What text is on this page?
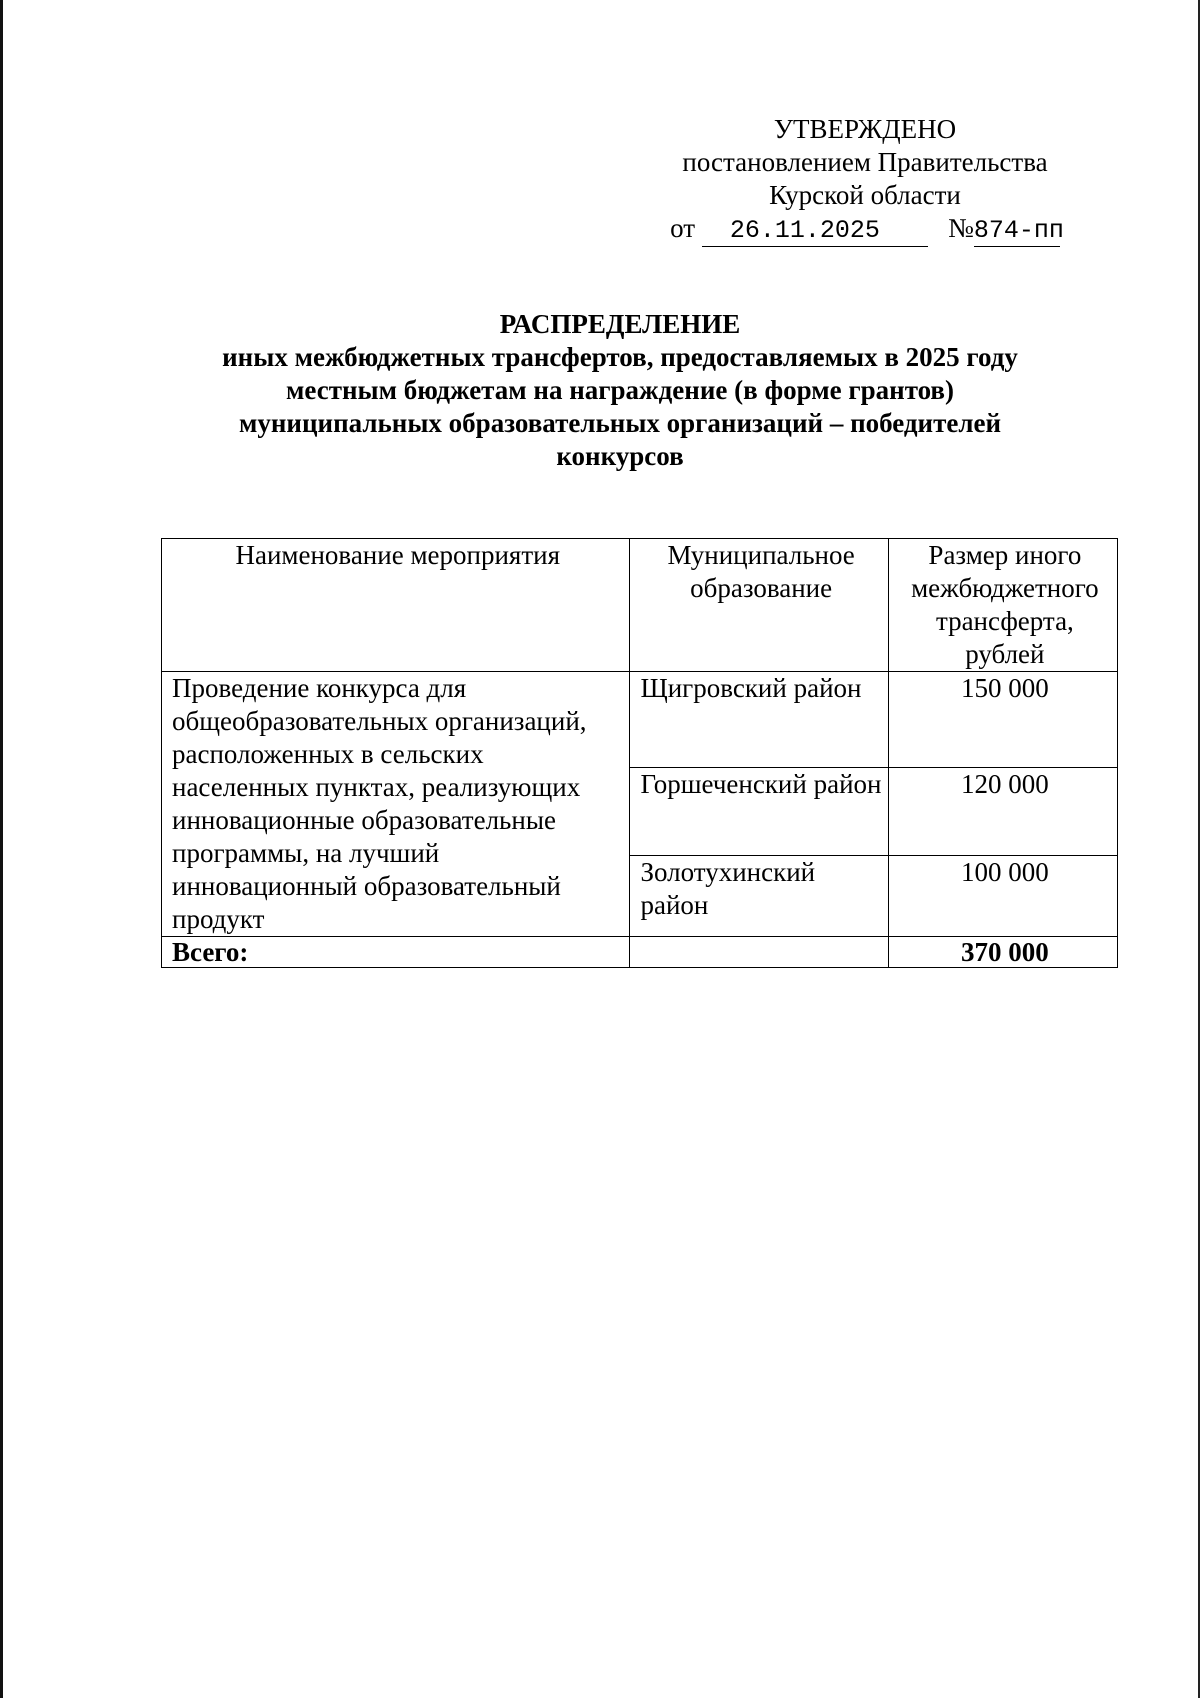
УТВЕРЖДЕНО
постановлением Правительства
Курской области
от 26.11.2025	№874-пп
РАСПРЕДЕЛЕНИЕ
иных межбюджетных трансфертов, предоставляемых в 2025 году
местным бюджетам на награждение (в форме грантов)
муниципальных образовательных организаций – победителей
конкурсов
Наименование мероприятия	Муниципальное образование	Размер иного межбюджетного трансферта, рублей
Проведение конкурса для общеобразовательных организаций, расположенных в сельских населенных пунктах, реализующих инновационные образовательные программы, на лучший инновационный образовательный продукт	Щигровский район	150 000
	Горшеченский район	120 000
	Золотухинский район	100 000
Всего:		370 000
